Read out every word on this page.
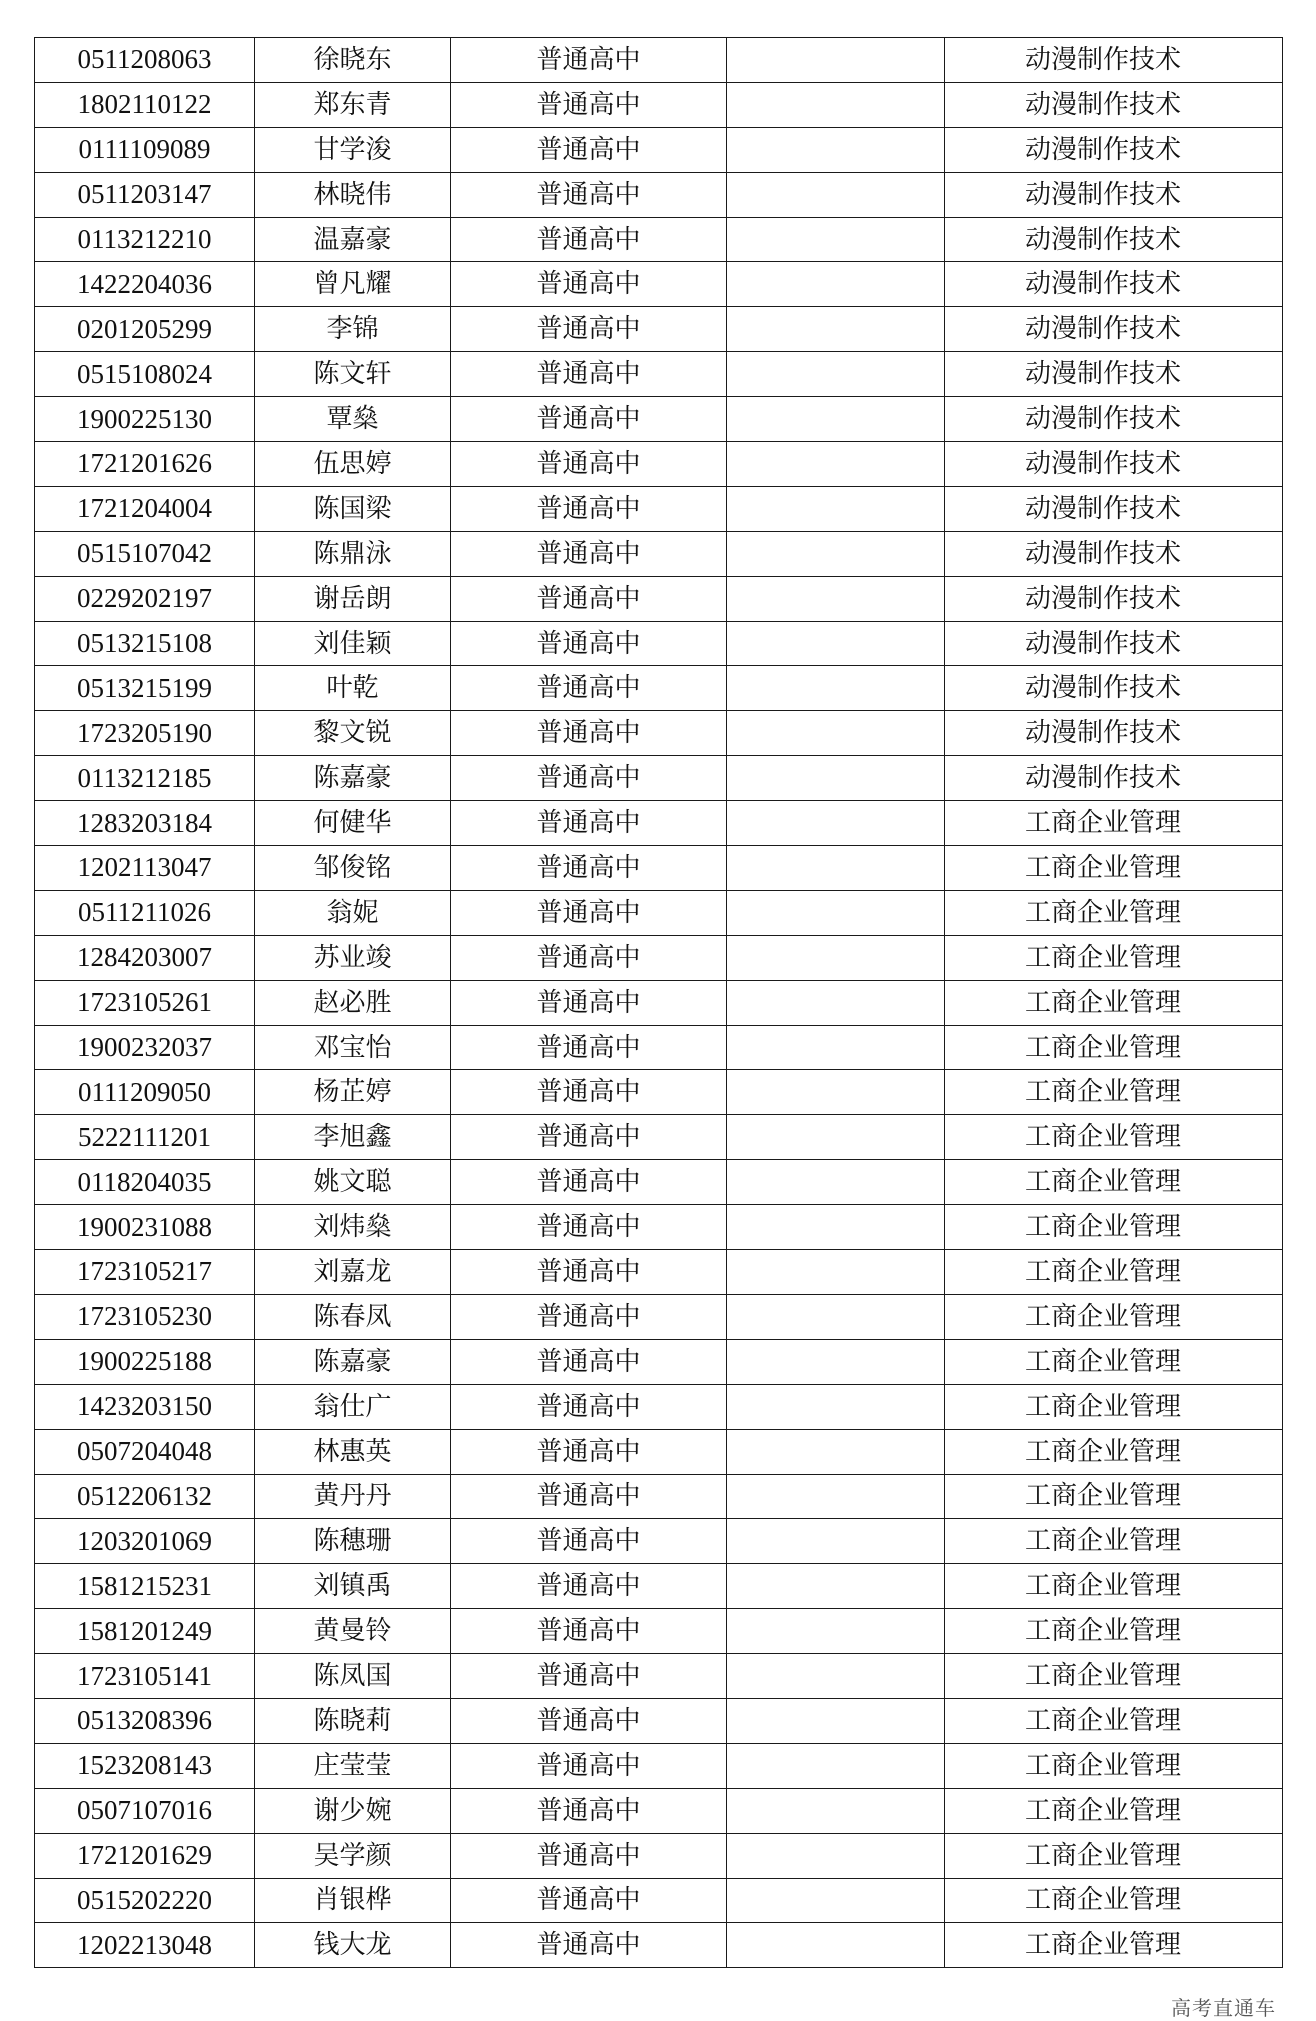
0511208063	徐晓东	普通高中		动漫制作技术
1802110122	郑东青	普通高中		动漫制作技术
0111109089	甘学浚	普通高中		动漫制作技术
0511203147	林晓伟	普通高中		动漫制作技术
0113212210	温嘉豪	普通高中		动漫制作技术
1422204036	曾凡耀	普通高中		动漫制作技术
0201205299	李锦	普通高中		动漫制作技术
0515108024	陈文轩	普通高中		动漫制作技术
1900225130	覃燊	普通高中		动漫制作技术
1721201626	伍思婷	普通高中		动漫制作技术
1721204004	陈国梁	普通高中		动漫制作技术
0515107042	陈鼎泳	普通高中		动漫制作技术
0229202197	谢岳朗	普通高中		动漫制作技术
0513215108	刘佳颖	普通高中		动漫制作技术
0513215199	叶乾	普通高中		动漫制作技术
1723205190	黎文锐	普通高中		动漫制作技术
0113212185	陈嘉豪	普通高中		动漫制作技术
1283203184	何健华	普通高中		工商企业管理
1202113047	邹俊铭	普通高中		工商企业管理
0511211026	翁妮	普通高中		工商企业管理
1284203007	苏业竣	普通高中		工商企业管理
1723105261	赵必胜	普通高中		工商企业管理
1900232037	邓宝怡	普通高中		工商企业管理
0111209050	杨芷婷	普通高中		工商企业管理
5222111201	李旭鑫	普通高中		工商企业管理
0118204035	姚文聪	普通高中		工商企业管理
1900231088	刘炜燊	普通高中		工商企业管理
1723105217	刘嘉龙	普通高中		工商企业管理
1723105230	陈春凤	普通高中		工商企业管理
1900225188	陈嘉豪	普通高中		工商企业管理
1423203150	翁仕广	普通高中		工商企业管理
0507204048	林惠英	普通高中		工商企业管理
0512206132	黄丹丹	普通高中		工商企业管理
1203201069	陈穗珊	普通高中		工商企业管理
1581215231	刘镇禹	普通高中		工商企业管理
1581201249	黄曼铃	普通高中		工商企业管理
1723105141	陈凤国	普通高中		工商企业管理
0513208396	陈晓莉	普通高中		工商企业管理
1523208143	庄莹莹	普通高中		工商企业管理
0507107016	谢少婉	普通高中		工商企业管理
1721201629	吴学颜	普通高中		工商企业管理
0515202220	肖银桦	普通高中		工商企业管理
1202213048	钱大龙	普通高中		工商企业管理
高考直通车
